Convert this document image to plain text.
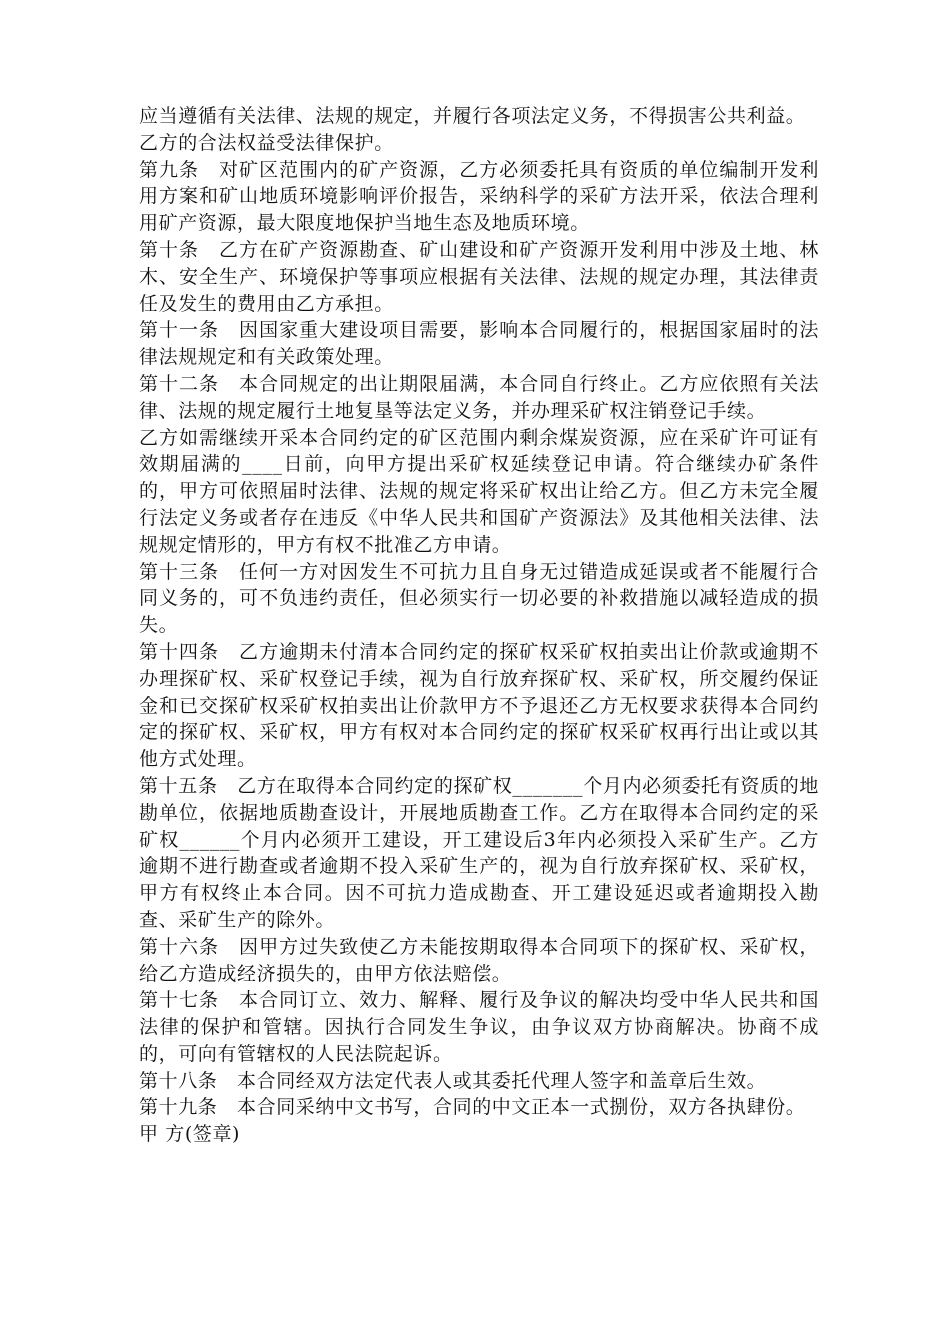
应当遵循有关法律、法规的规定，并履行各项法定义务，不得损害公共利益。

乙方的合法权益受法律保护。

第九条　对矿区范围内的矿产资源，乙方必须委托具有资质的单位编制开发利用方案和矿山地质环境影响评价报告，采纳科学的采矿方法开采，依法合理利用矿产资源，最大限度地保护当地生态及地质环境。

第十条　乙方在矿产资源勘查、矿山建设和矿产资源开发利用中涉及土地、林木、安全生产、环境保护等事项应根据有关法律、法规的规定办理，其法律责任及发生的费用由乙方承担。

第十一条　因国家重大建设项目需要，影响本合同履行的，根据国家届时的法律法规规定和有关政策处理。

第十二条　本合同规定的出让期限届满，本合同自行终止。乙方应依照有关法律、法规的规定履行土地复垦等法定义务，并办理采矿权注销登记手续。

乙方如需继续开采本合同约定的矿区范围内剩余煤炭资源，应在采矿许可证有效期届满的____日前，向甲方提出采矿权延续登记申请。符合继续办矿条件的，甲方可依照届时法律、法规的规定将采矿权出让给乙方。但乙方未完全履行法定义务或者存在违反《中华人民共和国矿产资源法》及其他相关法律、法规规定情形的，甲方有权不批准乙方申请。

第十三条　任何一方对因发生不可抗力且自身无过错造成延误或者不能履行合同义务的，可不负违约责任，但必须实行一切必要的补救措施以减轻造成的损失。

第十四条　乙方逾期未付清本合同约定的探矿权采矿权拍卖出让价款或逾期不办理探矿权、采矿权登记手续，视为自行放弃探矿权、采矿权，所交履约保证金和已交探矿权采矿权拍卖出让价款甲方不予退还乙方无权要求获得本合同约定的探矿权、采矿权，甲方有权对本合同约定的探矿权采矿权再行出让或以其他方式处理。

第十五条　乙方在取得本合同约定的探矿权_______个月内必须委托有资质的地勘单位，依据地质勘查设计，开展地质勘查工作。乙方在取得本合同约定的采矿权______个月内必须开工建设，开工建设后3年内必须投入采矿生产。乙方逾期不进行勘查或者逾期不投入采矿生产的，视为自行放弃探矿权、采矿权，甲方有权终止本合同。因不可抗力造成勘查、开工建设延迟或者逾期投入勘查、采矿生产的除外。

第十六条　因甲方过失致使乙方未能按期取得本合同项下的探矿权、采矿权，给乙方造成经济损失的，由甲方依法赔偿。

第十七条　本合同订立、效力、解释、履行及争议的解决均受中华人民共和国法律的保护和管辖。因执行合同发生争议，由争议双方协商解决。协商不成的，可向有管辖权的人民法院起诉。

第十八条　本合同经双方法定代表人或其委托代理人签字和盖章后生效。

第十九条　本合同采纳中文书写，合同的中文正本一式捌份，双方各执肆份。

甲 方(签章)
